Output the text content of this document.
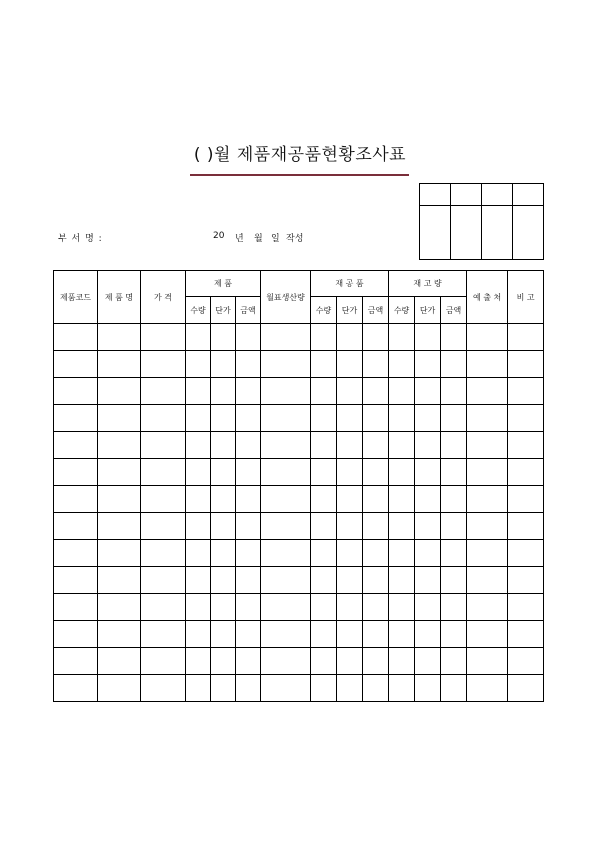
( )월 제품재공품현황조사표

부 서 명 :	20	년	월 일 작성
제품코드	제 품 명	가 격	제 품			월표생산량	재 공 품			재 고 량			예 출 처	비 고
			수량	단가	금액		수량	단가	금액	수량	단가	금액		
